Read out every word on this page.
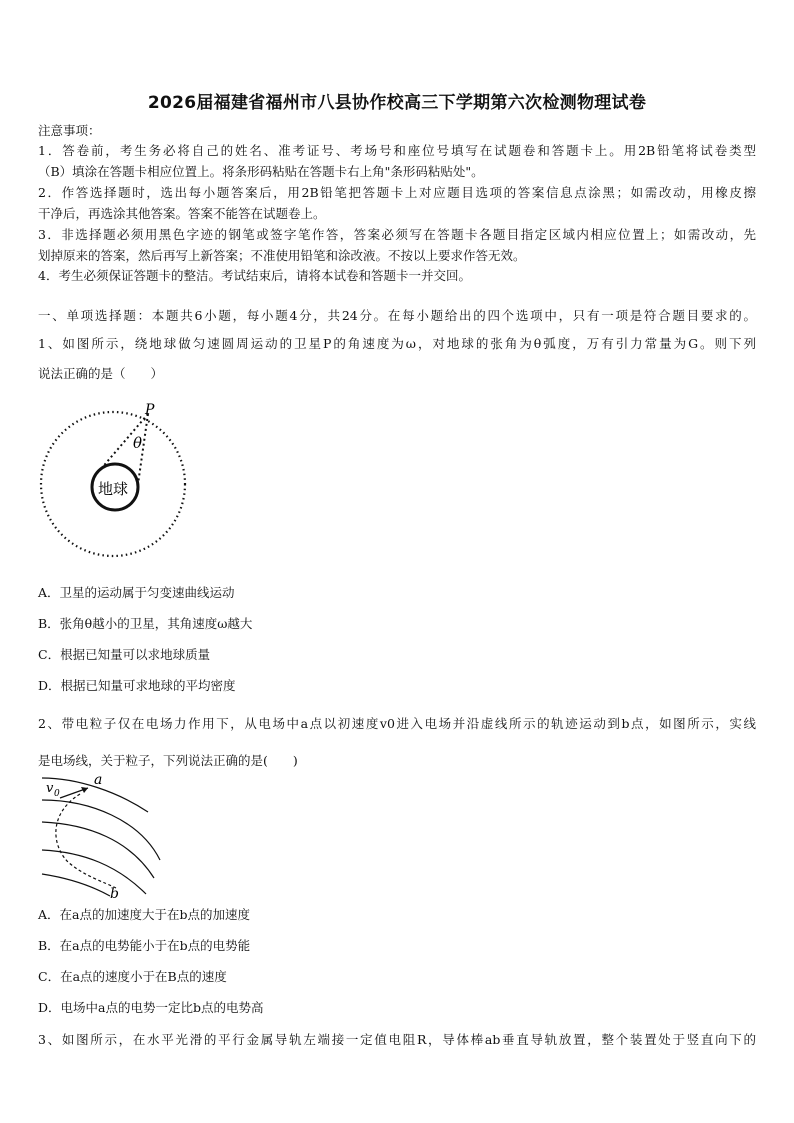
2026届福建省福州市八县协作校高三下学期第六次检测物理试卷
注意事项：
1．答卷前，考生务必将自己的姓名、准考证号、考场号和座位号填写在试题卷和答题卡上。用2B铅笔将试卷类型
（B）填涂在答题卡相应位置上。将条形码粘贴在答题卡右上角"条形码粘贴处"。
2．作答选择题时，选出每小题答案后，用2B铅笔把答题卡上对应题目选项的答案信息点涂黑；如需改动，用橡皮擦
干净后，再选涂其他答案。答案不能答在试题卷上。
3．非选择题必须用黑色字迹的钢笔或签字笔作答，答案必须写在答题卡各题目指定区域内相应位置上；如需改动，先
划掉原来的答案，然后再写上新答案；不准使用铅笔和涂改液。不按以上要求作答无效。
4．考生必须保证答题卡的整洁。考试结束后，请将本试卷和答题卡一并交回。
一、单项选择题：本题共6小题，每小题4分，共24分。在每小题给出的四个选项中，只有一项是符合题目要求的。
1、如图所示，绕地球做匀速圆周运动的卫星P的角速度为ω，对地球的张角为θ弧度，万有引力常量为G。则下列
说法正确的是（　　）
P
θ
地球
A．卫星的运动属于匀变速曲线运动
B．张角θ越小的卫星，其角速度ω越大
C．根据已知量可以求地球质量
D．根据已知量可求地球的平均密度
2、带电粒子仅在电场力作用下，从电场中a点以初速度v0进入电场并沿虚线所示的轨迹运动到b点，如图所示，实线
是电场线，关于粒子，下列说法正确的是(　　)
a
b
v 0
A．在a点的加速度大于在b点的加速度
B．在a点的电势能小于在b点的电势能
C．在a点的速度小于在B点的速度
D．电场中a点的电势一定比b点的电势高
3、如图所示，在水平光滑的平行金属导轨左端接一定值电阻R，导体棒ab垂直导轨放置，整个装置处于竖直向下的
